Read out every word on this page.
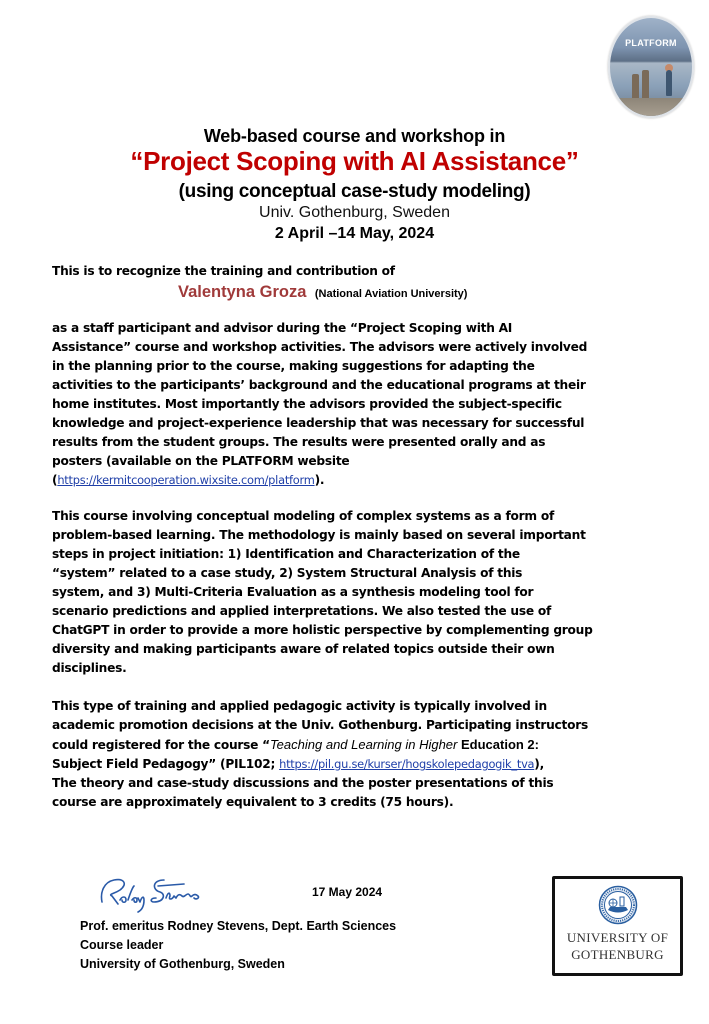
Web-based course and workshop in
“Project Scoping with AI Assistance”
(using conceptual case-study modeling)
Univ. Gothenburg, Sweden
2 April –14 May, 2024
PLATFORM
This is to recognize the training and contribution of
Valentyna Groza (National Aviation University)
as a staff participant and advisor during the “Project Scoping with AI
Assistance” course and workshop activities. The advisors were actively involved
in the planning prior to the course, making suggestions for adapting the
activities to the participants’ background and the educational programs at their
home institutes. Most importantly the advisors provided the subject-specific
knowledge and project-experience leadership that was necessary for successful
results from the student groups. The results were presented orally and as
posters (available on the PLATFORM website
(https://kermitcooperation.wixsite.com/platform).
This course involving conceptual modeling of complex systems as a form of
problem-based learning. The methodology is mainly based on several important
steps in project initiation: 1) Identification and Characterization of the
“system” related to a case study, 2) System Structural Analysis of this
system, and 3) Multi-Criteria Evaluation as a synthesis modeling tool for
scenario predictions and applied interpretations. We also tested the use of
ChatGPT in order to provide a more holistic perspective by complementing group
diversity and making participants aware of related topics outside their own
disciplines.
This type of training and applied pedagogic activity is typically involved in
academic promotion decisions at the Univ. Gothenburg. Participating instructors
could registered for the course “Teaching and Learning in Higher Education 2:
Subject Field Pedagogy” (PIL102; https://pil.gu.se/kurser/hogskolepedagogik_tva),
The theory and case-study discussions and the poster presentations of this
course are approximately equivalent to 3 credits (75 hours).
17 May 2024
Prof. emeritus Rodney Stevens, Dept. Earth Sciences
Course leader
University of Gothenburg, Sweden
UNIVERSITY OF
GOTHENBURG
